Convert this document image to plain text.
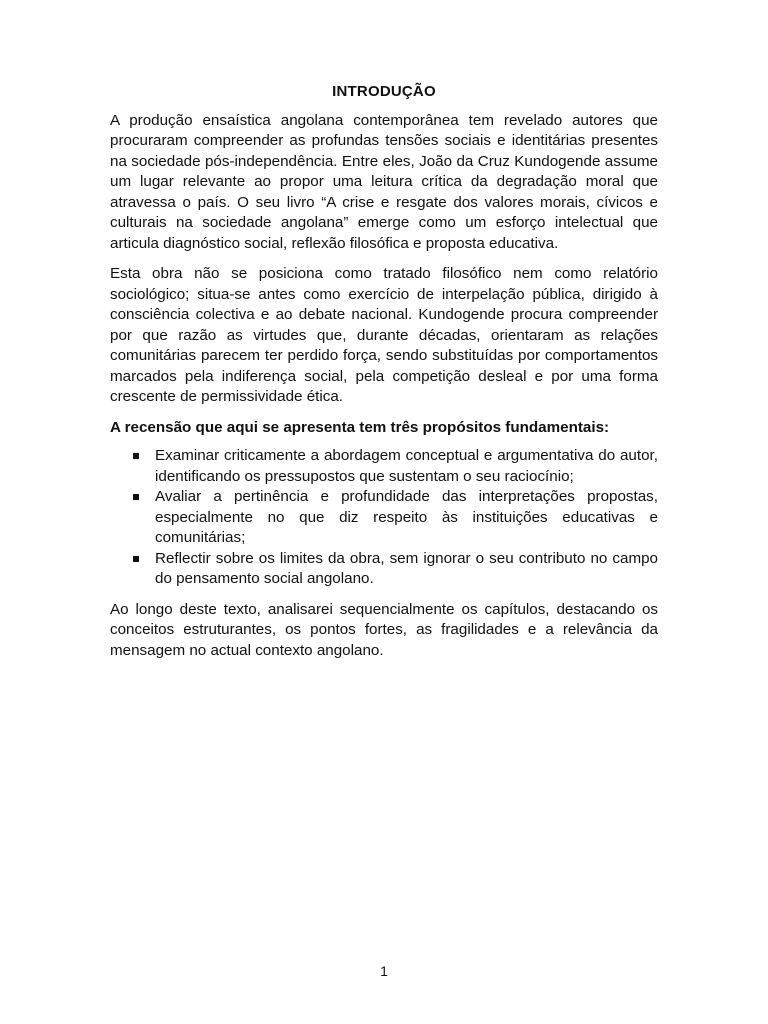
INTRODUÇÃO

A produção ensaística angolana contemporânea tem revelado autores que procuraram compreender as profundas tensões sociais e identitárias presentes na sociedade pós-independência. Entre eles, João da Cruz Kundogende assume um lugar relevante ao propor uma leitura crítica da degradação moral que atravessa o país. O seu livro “A crise e resgate dos valores morais, cívicos e culturais na sociedade angolana” emerge como um esforço intelectual que articula diagnóstico social, reflexão filosófica e proposta educativa.

Esta obra não se posiciona como tratado filosófico nem como relatório sociológico; situa-se antes como exercício de interpelação pública, dirigido à consciência colectiva e ao debate nacional. Kundogende procura compreender por que razão as virtudes que, durante décadas, orientaram as relações comunitárias parecem ter perdido força, sendo substituídas por comportamentos marcados pela indiferença social, pela competição desleal e por uma forma crescente de permissividade ética.

A recensão que aqui se apresenta tem três propósitos fundamentais:

Examinar criticamente a abordagem conceptual e argumentativa do autor, identificando os pressupostos que sustentam o seu raciocínio;
Avaliar a pertinência e profundidade das interpretações propostas, especialmente no que diz respeito às instituições educativas e comunitárias;
Reflectir sobre os limites da obra, sem ignorar o seu contributo no campo do pensamento social angolano.

Ao longo deste texto, analisarei sequencialmente os capítulos, destacando os conceitos estruturantes, os pontos fortes, as fragilidades e a relevância da mensagem no actual contexto angolano.

1
